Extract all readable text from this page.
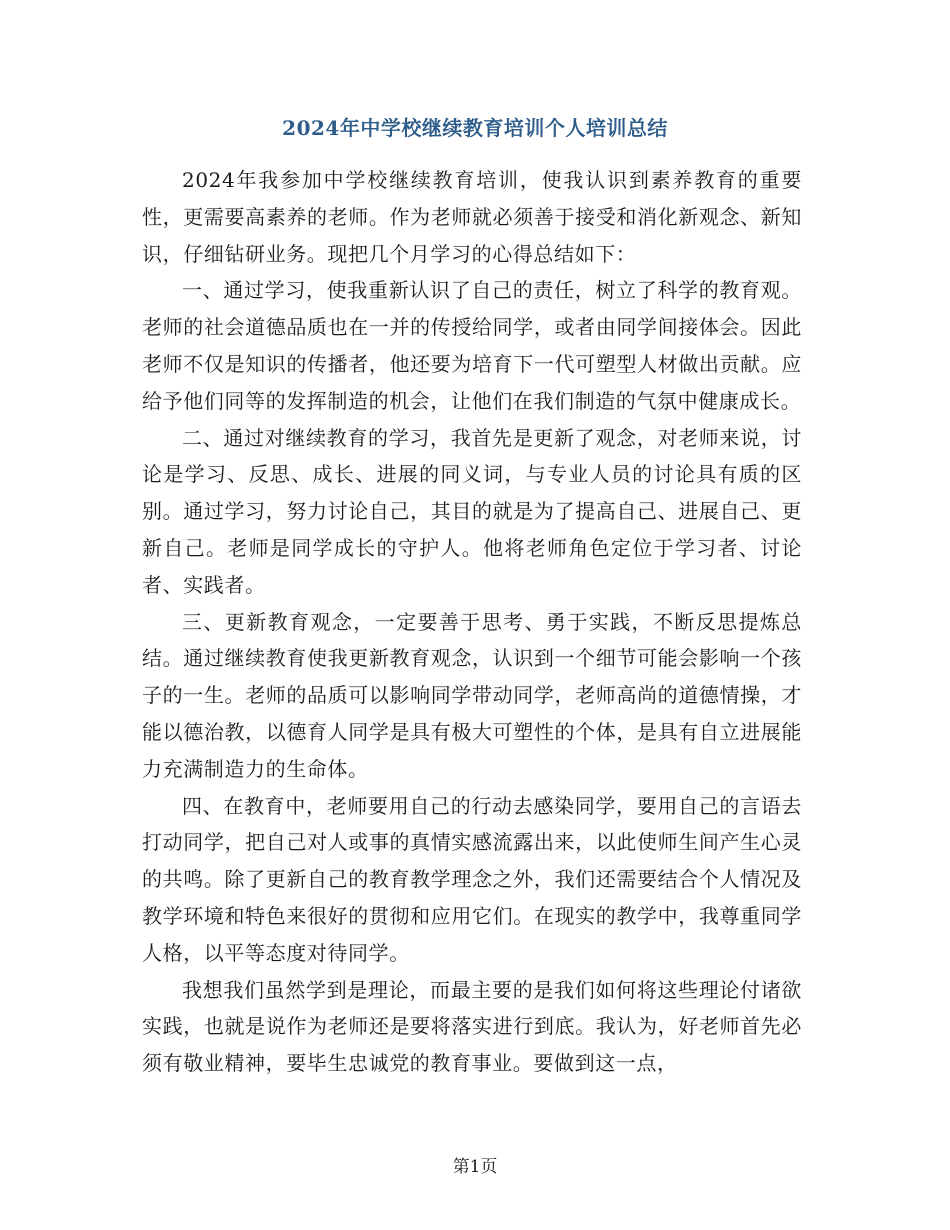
2024年中学校继续教育培训个人培训总结

2024年我参加中学校继续教育培训，使我认识到素养教育的重要性，更需要高素养的老师。作为老师就必须善于接受和消化新观念、新知识，仔细钻研业务。现把几个月学习的心得总结如下：

一、通过学习，使我重新认识了自己的责任，树立了科学的教育观。老师的社会道德品质也在一并的传授给同学，或者由同学间接体会。因此老师不仅是知识的传播者，他还要为培育下一代可塑型人材做出贡献。应给予他们同等的发挥制造的机会，让他们在我们制造的气氛中健康成长。

二、通过对继续教育的学习，我首先是更新了观念，对老师来说，讨论是学习、反思、成长、进展的同义词，与专业人员的讨论具有质的区别。通过学习，努力讨论自己，其目的就是为了提高自己、进展自己、更新自己。老师是同学成长的守护人。他将老师角色定位于学习者、讨论者、实践者。

三、更新教育观念，一定要善于思考、勇于实践，不断反思提炼总结。通过继续教育使我更新教育观念，认识到一个细节可能会影响一个孩子的一生。老师的品质可以影响同学带动同学，老师高尚的道德情操，才能以德治教，以德育人同学是具有极大可塑性的个体，是具有自立进展能力充满制造力的生命体。

四、在教育中，老师要用自己的行动去感染同学，要用自己的言语去打动同学，把自己对人或事的真情实感流露出来，以此使师生间产生心灵的共鸣。除了更新自己的教育教学理念之外，我们还需要结合个人情况及教学环境和特色来很好的贯彻和应用它们。在现实的教学中，我尊重同学人格，以平等态度对待同学。

我想我们虽然学到是理论，而最主要的是我们如何将这些理论付诸欲实践，也就是说作为老师还是要将落实进行到底。我认为，好老师首先必须有敬业精神，要毕生忠诚党的教育事业。要做到这一点，

第1页
